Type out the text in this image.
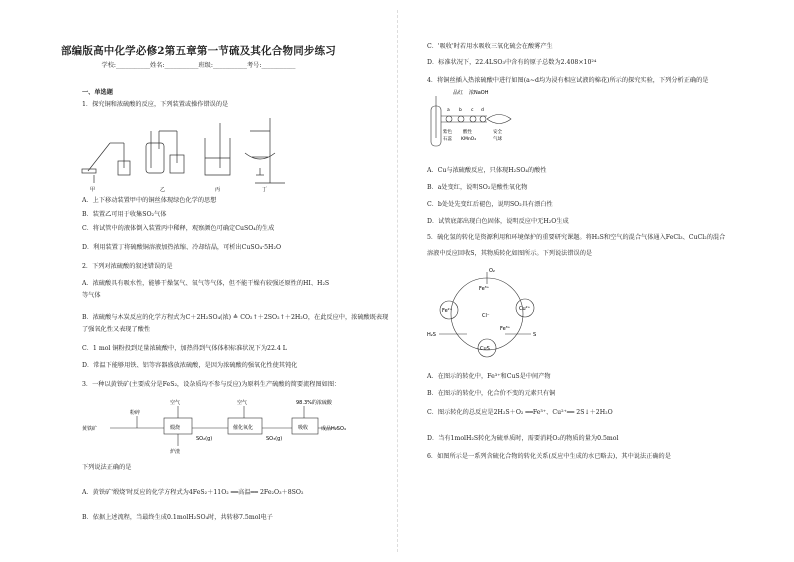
部编版高中化学必修2第五章第一节硫及其化合物同步练习
学校:___________姓名:___________班级:___________考号:___________
一、单选题
1．探究铜和浓硫酸的反应，下列装置或操作错误的是
甲	乙	丙	丁
A．上下移动装置甲中的铜丝体现绿色化学的思想
B．装置乙可用于收集SO₂气体
C．将试管中的液体倒入装置丙中稀释，观察颜色可确定CuSO₄的生成
D．利用装置丁将硫酸铜溶液加热浓缩、冷却结晶，可析出CuSO₄·5H₂O
2．下列对浓硫酸的叙述错误的是
A．浓硫酸具有吸水性，能够干燥氢气、氧气等气体，但不能干燥有较强还原性的HI、H₂S
等气体
B．浓硫酸与木炭反应的化学方程式为C＋2H₂SO₄(浓) ≜ CO₂↑＋2SO₂↑＋2H₂O，在此反应中，浓硫酸既表现
了强氧化性又表现了酸性
C．1 mol 铜粉投到足量浓硫酸中，加热得到气体体积标准状况下为22.4 L
D．常温下能够用铁、铝等容器盛放浓硫酸，是因为浓硫酸的强氧化性使其钝化
3．一种以黄铁矿(主要成分是FeS₂，设杂质均不参与反应)为原料生产硫酸的简要流程图如图：
黄铁矿
粉碎
空气	空气	98.3%的浓硫酸
煅烧	催化氧化	吸收
SO₂(g)	SO₃(g)
炉渣
成品H₂SO₄
下列说法正确的是
A．黄铁矿'煅烧'时反应的化学方程式为4FeS₂＋11O₂ ══高温══ 2Fe₂O₃＋8SO₂
B．依据上述流程，当最终生成0.1molH₂SO₄时，共转移7.5mol电子
C．'吸收'时若用水吸收三氧化硫会在酸雾产生
D．标准状况下，22.4LSO₃中含有的原子总数为2.408×10²⁴
4．将铜丝插入热浓硫酸中进行如图(a~d均为浸有相应试液的棉花)所示的探究实验，下列分析正确的是
品红 浓NaOH
a b c d
紫色
石蕊
酸性
KMnO₄
安全
气球
A．Cu与浓硫酸反应，只体现H₂SO₄的酸性
B．a处变红，说明SO₂是酸性氧化物
C．b处处先变红后褪色，说明SO₂具有漂白性
D．试管底部出现白色固体，说明反应中无H₂O生成
5．硫化氢的转化是资源利用和环境保护的重要研究课题。将H₂S和空气的混合气体通入FeCl₃、CuCl₂的混合
溶液中反应回收S，其物质转化如图所示。下列说法错误的是
O₂
Fe³⁺
Cu²⁺
Fe²⁺
Cl⁻
Fe³⁺
H₂S
CuS
S
A．在图示的转化中，Fe³⁺和CuS是中间产物
B．在图示的转化中，化合价不变的元素只有铜
C．图示转化的总反应是2H₂S＋O₂ ══Fe³⁺、Cu²⁺══ 2S↓＋2H₂O
D．当有1molH₂S转化为硫单质时，需要消耗O₂的物质的量为0.5mol
6．如图所示是一系列含硫化合物的转化关系(反应中生成的水已略去)，其中说法正确的是
